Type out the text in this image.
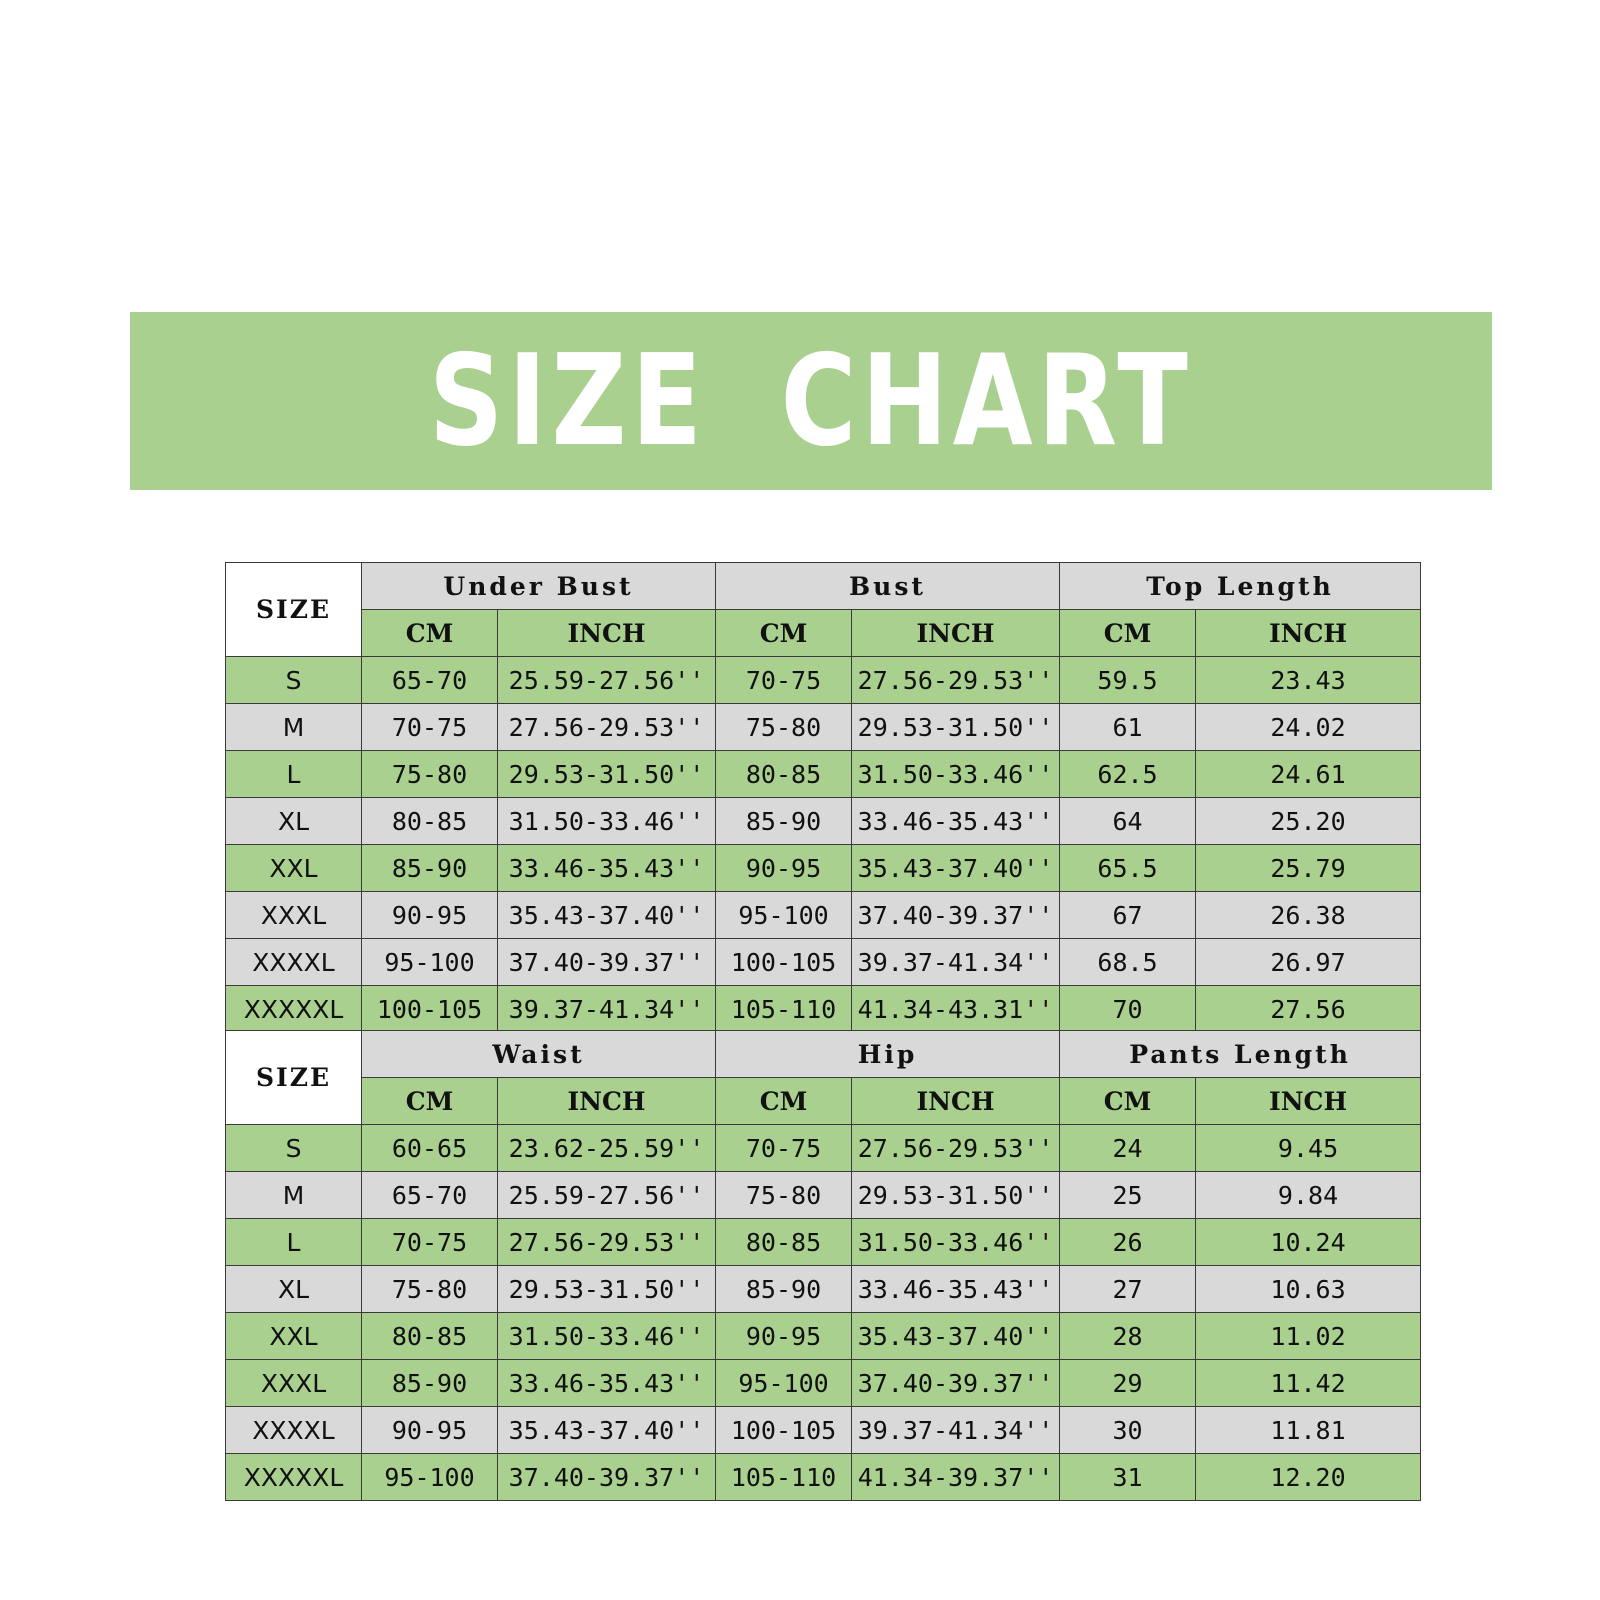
SIZE CHART
SIZE	Under Bust		Bust		Top Length	
	CM	INCH	CM	INCH	CM	INCH
S	65-70	25.59-27.56''	70-75	27.56-29.53''	59.5	23.43
M	70-75	27.56-29.53''	75-80	29.53-31.50''	61	24.02
L	75-80	29.53-31.50''	80-85	31.50-33.46''	62.5	24.61
XL	80-85	31.50-33.46''	85-90	33.46-35.43''	64	25.20
XXL	85-90	33.46-35.43''	90-95	35.43-37.40''	65.5	25.79
XXXL	90-95	35.43-37.40''	95-100	37.40-39.37''	67	26.38
XXXXL	95-100	37.40-39.37''	100-105	39.37-41.34''	68.5	26.97
XXXXXL	100-105	39.37-41.34''	105-110	41.34-43.31''	70	27.56
SIZE	Waist		Hip		Pants Length	
	CM	INCH	CM	INCH	CM	INCH
S	60-65	23.62-25.59''	70-75	27.56-29.53''	24	9.45
M	65-70	25.59-27.56''	75-80	29.53-31.50''	25	9.84
L	70-75	27.56-29.53''	80-85	31.50-33.46''	26	10.24
XL	75-80	29.53-31.50''	85-90	33.46-35.43''	27	10.63
XXL	80-85	31.50-33.46''	90-95	35.43-37.40''	28	11.02
XXXL	85-90	33.46-35.43''	95-100	37.40-39.37''	29	11.42
XXXXL	90-95	35.43-37.40''	100-105	39.37-41.34''	30	11.81
XXXXXL	95-100	37.40-39.37''	105-110	41.34-39.37''	31	12.20
